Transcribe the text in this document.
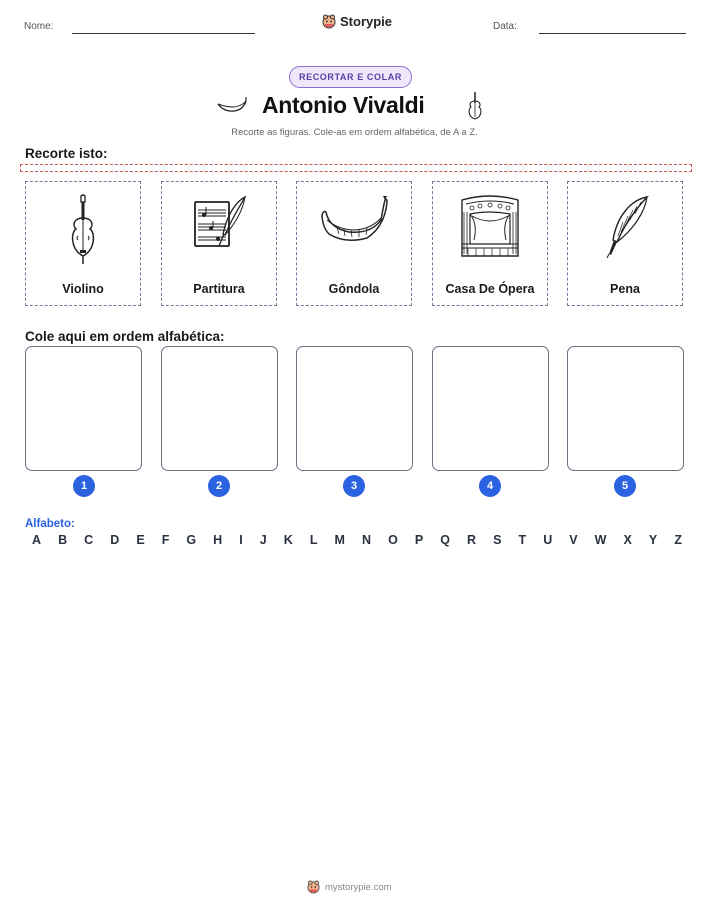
Nome:	Storypie	Data:
RECORTAR E COLAR
Antonio Vivaldi
Recorte as figuras. Cole-as em ordem alfabética, de A a Z.
Recorte isto:
Violino	Partitura	Gôndola	Casa De Ópera	Pena
Cole aqui em ordem alfabética:
1	2	3	4	5
Alfabeto:
A B C D E F G H I J K L M N O P Q R S T U V W X Y Z
mystorypie.com
